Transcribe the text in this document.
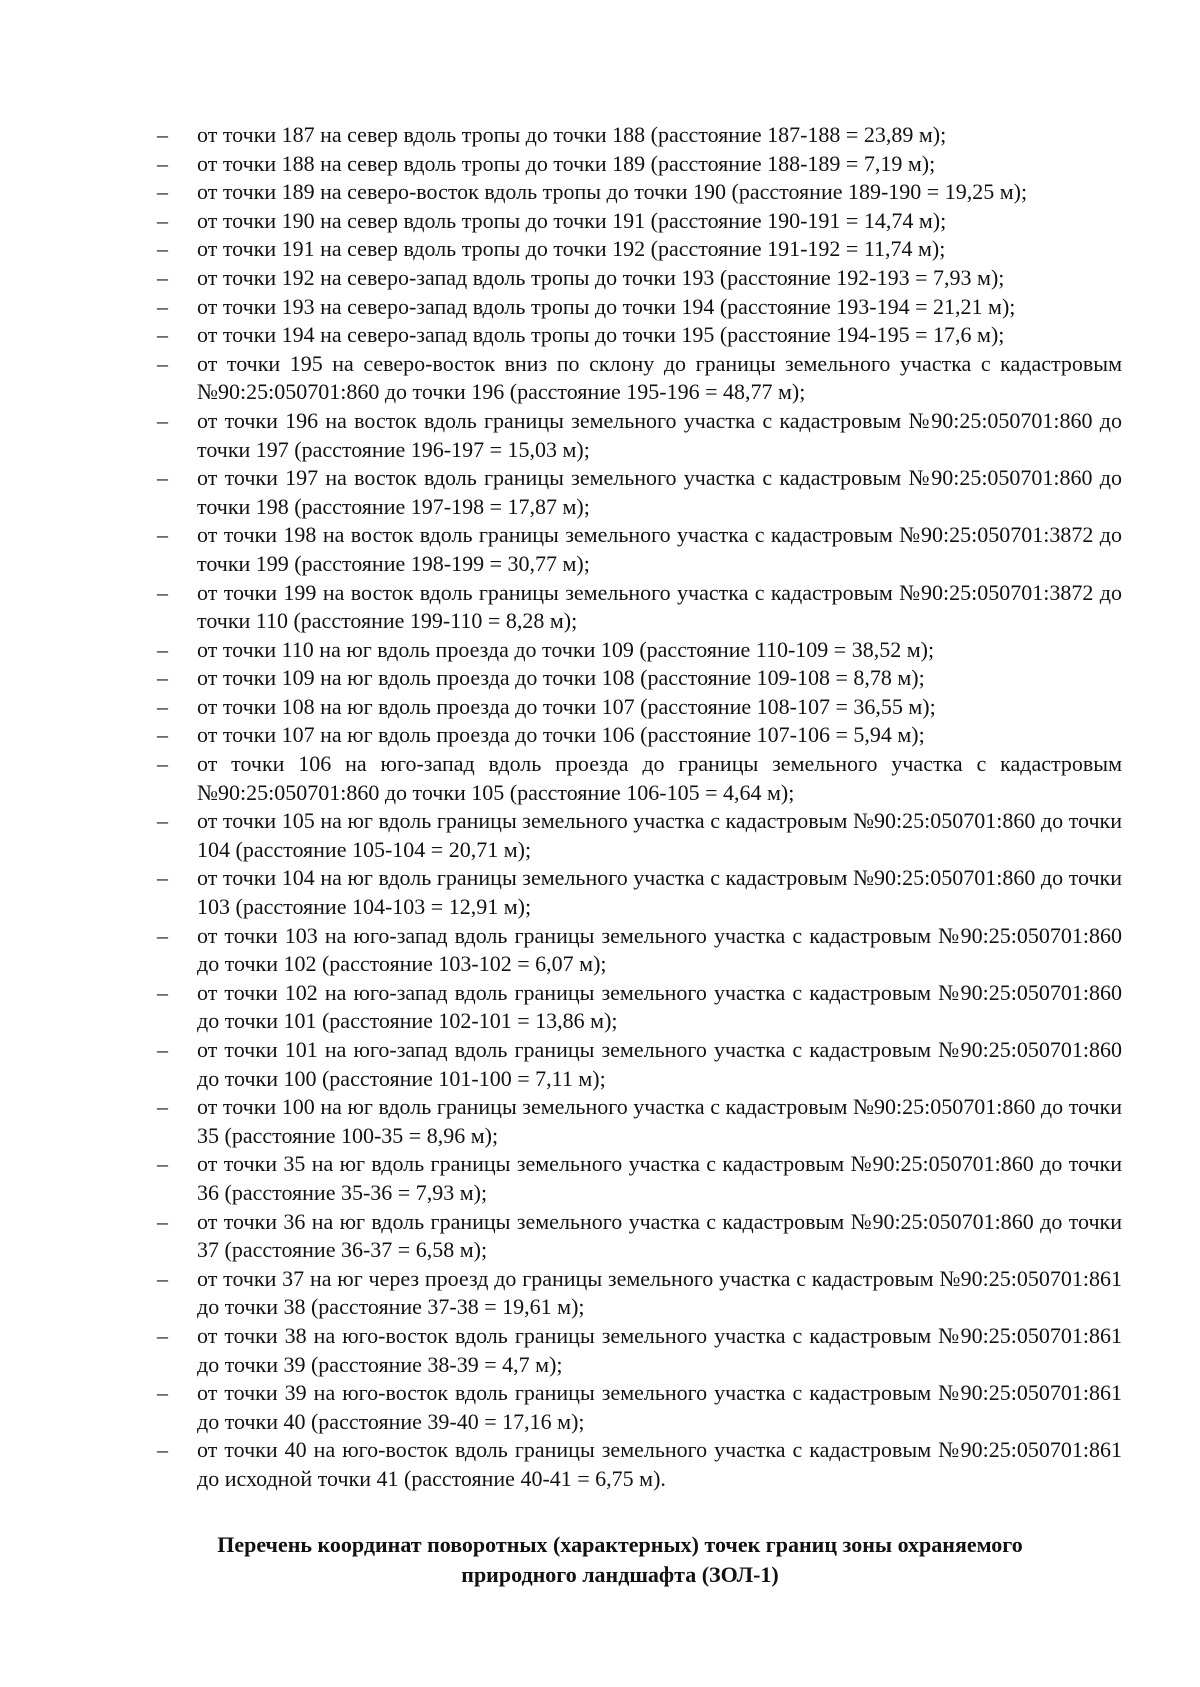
–	от точки 187 на север вдоль тропы до точки 188 (расстояние 187-188 = 23,89 м);
–	от точки 188 на север вдоль тропы до точки 189 (расстояние 188-189 = 7,19 м);
–	от точки 189 на северо-восток вдоль тропы до точки 190 (расстояние 189-190 = 19,25 м);
–	от точки 190 на север вдоль тропы до точки 191 (расстояние 190-191 = 14,74 м);
–	от точки 191 на север вдоль тропы до точки 192 (расстояние 191-192 = 11,74 м);
–	от точки 192 на северо-запад вдоль тропы до точки 193 (расстояние 192-193 = 7,93 м);
–	от точки 193 на северо-запад вдоль тропы до точки 194 (расстояние 193-194 = 21,21 м);
–	от точки 194 на северо-запад вдоль тропы до точки 195 (расстояние 194-195 = 17,6 м);
–	от точки 195 на северо-восток вниз по склону до границы земельного участка с кадастровым №90:25:050701:860 до точки 196 (расстояние 195-196 = 48,77 м);
–	от точки 196 на восток вдоль границы земельного участка с кадастровым №90:25:050701:860 до точки 197 (расстояние 196-197 = 15,03 м);
–	от точки 197 на восток вдоль границы земельного участка с кадастровым №90:25:050701:860 до точки 198 (расстояние 197-198 = 17,87 м);
–	от точки 198 на восток вдоль границы земельного участка с кадастровым №90:25:050701:3872 до точки 199 (расстояние 198-199 = 30,77 м);
–	от точки 199 на восток вдоль границы земельного участка с кадастровым №90:25:050701:3872 до точки 110 (расстояние 199-110 = 8,28 м);
–	от точки 110 на юг вдоль проезда до точки 109 (расстояние 110-109 = 38,52 м);
–	от точки 109 на юг вдоль проезда до точки 108 (расстояние 109-108 = 8,78 м);
–	от точки 108 на юг вдоль проезда до точки 107 (расстояние 108-107 = 36,55 м);
–	от точки 107 на юг вдоль проезда до точки 106 (расстояние 107-106 = 5,94 м);
–	от точки 106 на юго-запад вдоль проезда до границы земельного участка с кадастровым №90:25:050701:860 до точки 105 (расстояние 106-105 = 4,64 м);
–	от точки 105 на юг вдоль границы земельного участка с кадастровым №90:25:050701:860 до точки 104 (расстояние 105-104 = 20,71 м);
–	от точки 104 на юг вдоль границы земельного участка с кадастровым №90:25:050701:860 до точки 103 (расстояние 104-103 = 12,91 м);
–	от точки 103 на юго-запад вдоль границы земельного участка с кадастровым №90:25:050701:860 до точки 102 (расстояние 103-102 = 6,07 м);
–	от точки 102 на юго-запад вдоль границы земельного участка с кадастровым №90:25:050701:860 до точки 101 (расстояние 102-101 = 13,86 м);
–	от точки 101 на юго-запад вдоль границы земельного участка с кадастровым №90:25:050701:860 до точки 100 (расстояние 101-100 = 7,11 м);
–	от точки 100 на юг вдоль границы земельного участка с кадастровым №90:25:050701:860 до точки 35 (расстояние 100-35 = 8,96 м);
–	от точки 35 на юг вдоль границы земельного участка с кадастровым №90:25:050701:860 до точки 36 (расстояние 35-36 = 7,93 м);
–	от точки 36 на юг вдоль границы земельного участка с кадастровым №90:25:050701:860 до точки 37 (расстояние 36-37 = 6,58 м);
–	от точки 37 на юг через проезд до границы земельного участка с кадастровым №90:25:050701:861 до точки 38 (расстояние 37-38 = 19,61 м);
–	от точки 38 на юго-восток вдоль границы земельного участка с кадастровым №90:25:050701:861 до точки 39 (расстояние 38-39 = 4,7 м);
–	от точки 39 на юго-восток вдоль границы земельного участка с кадастровым №90:25:050701:861 до точки 40 (расстояние 39-40 = 17,16 м);
–	от точки 40 на юго-восток вдоль границы земельного участка с кадастровым №90:25:050701:861 до исходной точки 41 (расстояние 40-41 = 6,75 м).
Перечень координат поворотных (характерных) точек границ зоны охраняемого
природного ландшафта (ЗОЛ-1)
